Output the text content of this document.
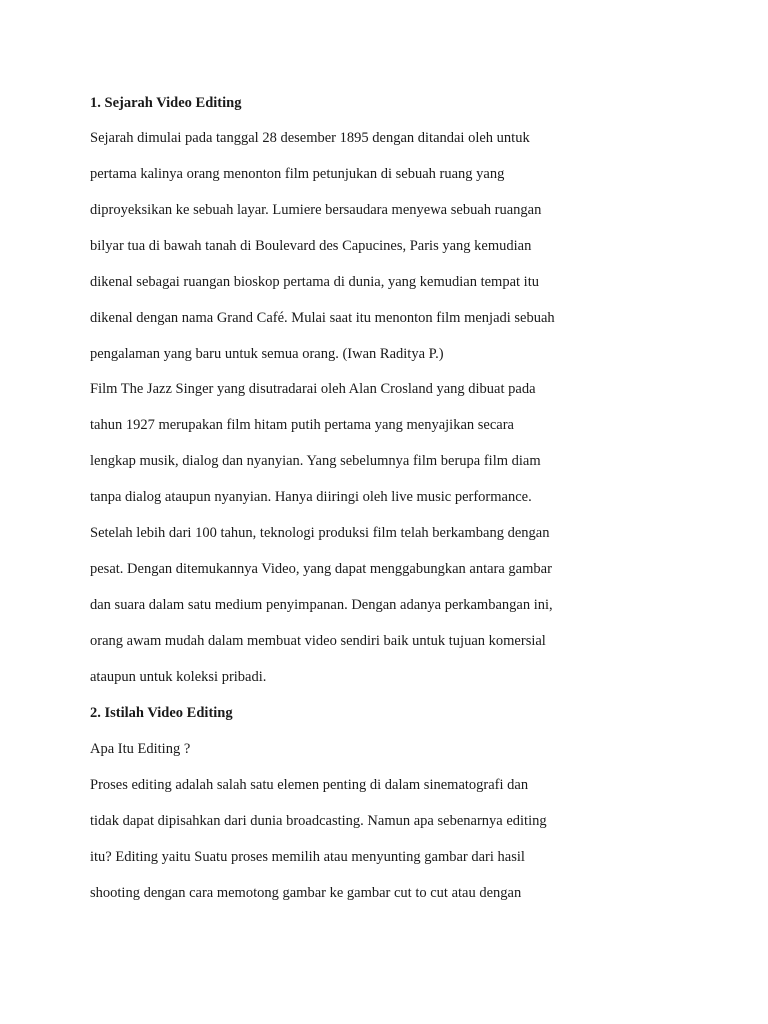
1. Sejarah Video Editing
Sejarah dimulai pada tanggal 28 desember 1895 dengan ditandai oleh untuk
pertama kalinya orang menonton film petunjukan di sebuah ruang yang
diproyeksikan ke sebuah layar. Lumiere bersaudara menyewa sebuah ruangan
bilyar tua di bawah tanah di Boulevard des Capucines, Paris yang kemudian
dikenal sebagai ruangan bioskop pertama di dunia, yang kemudian tempat itu
dikenal dengan nama Grand Café. Mulai saat itu menonton film menjadi sebuah
pengalaman yang baru untuk semua orang. (Iwan Raditya P.)
Film The Jazz Singer yang disutradarai oleh Alan Crosland yang dibuat pada
tahun 1927 merupakan film hitam putih pertama yang menyajikan secara
lengkap musik, dialog dan nyanyian. Yang sebelumnya film berupa film diam
tanpa dialog ataupun nyanyian. Hanya diiringi oleh live music performance.
Setelah lebih dari 100 tahun, teknologi produksi film telah berkambang dengan
pesat. Dengan ditemukannya Video, yang dapat menggabungkan antara gambar
dan suara dalam satu medium penyimpanan. Dengan adanya perkambangan ini,
orang awam mudah dalam membuat video sendiri baik untuk tujuan komersial
ataupun untuk koleksi pribadi.
2. Istilah Video Editing
Apa Itu Editing ?
Proses editing adalah salah satu elemen penting di dalam sinematografi dan
tidak dapat dipisahkan dari dunia broadcasting. Namun apa sebenarnya editing
itu? Editing yaitu Suatu proses memilih atau menyunting gambar dari hasil
shooting dengan cara memotong gambar ke gambar cut to cut atau dengan
